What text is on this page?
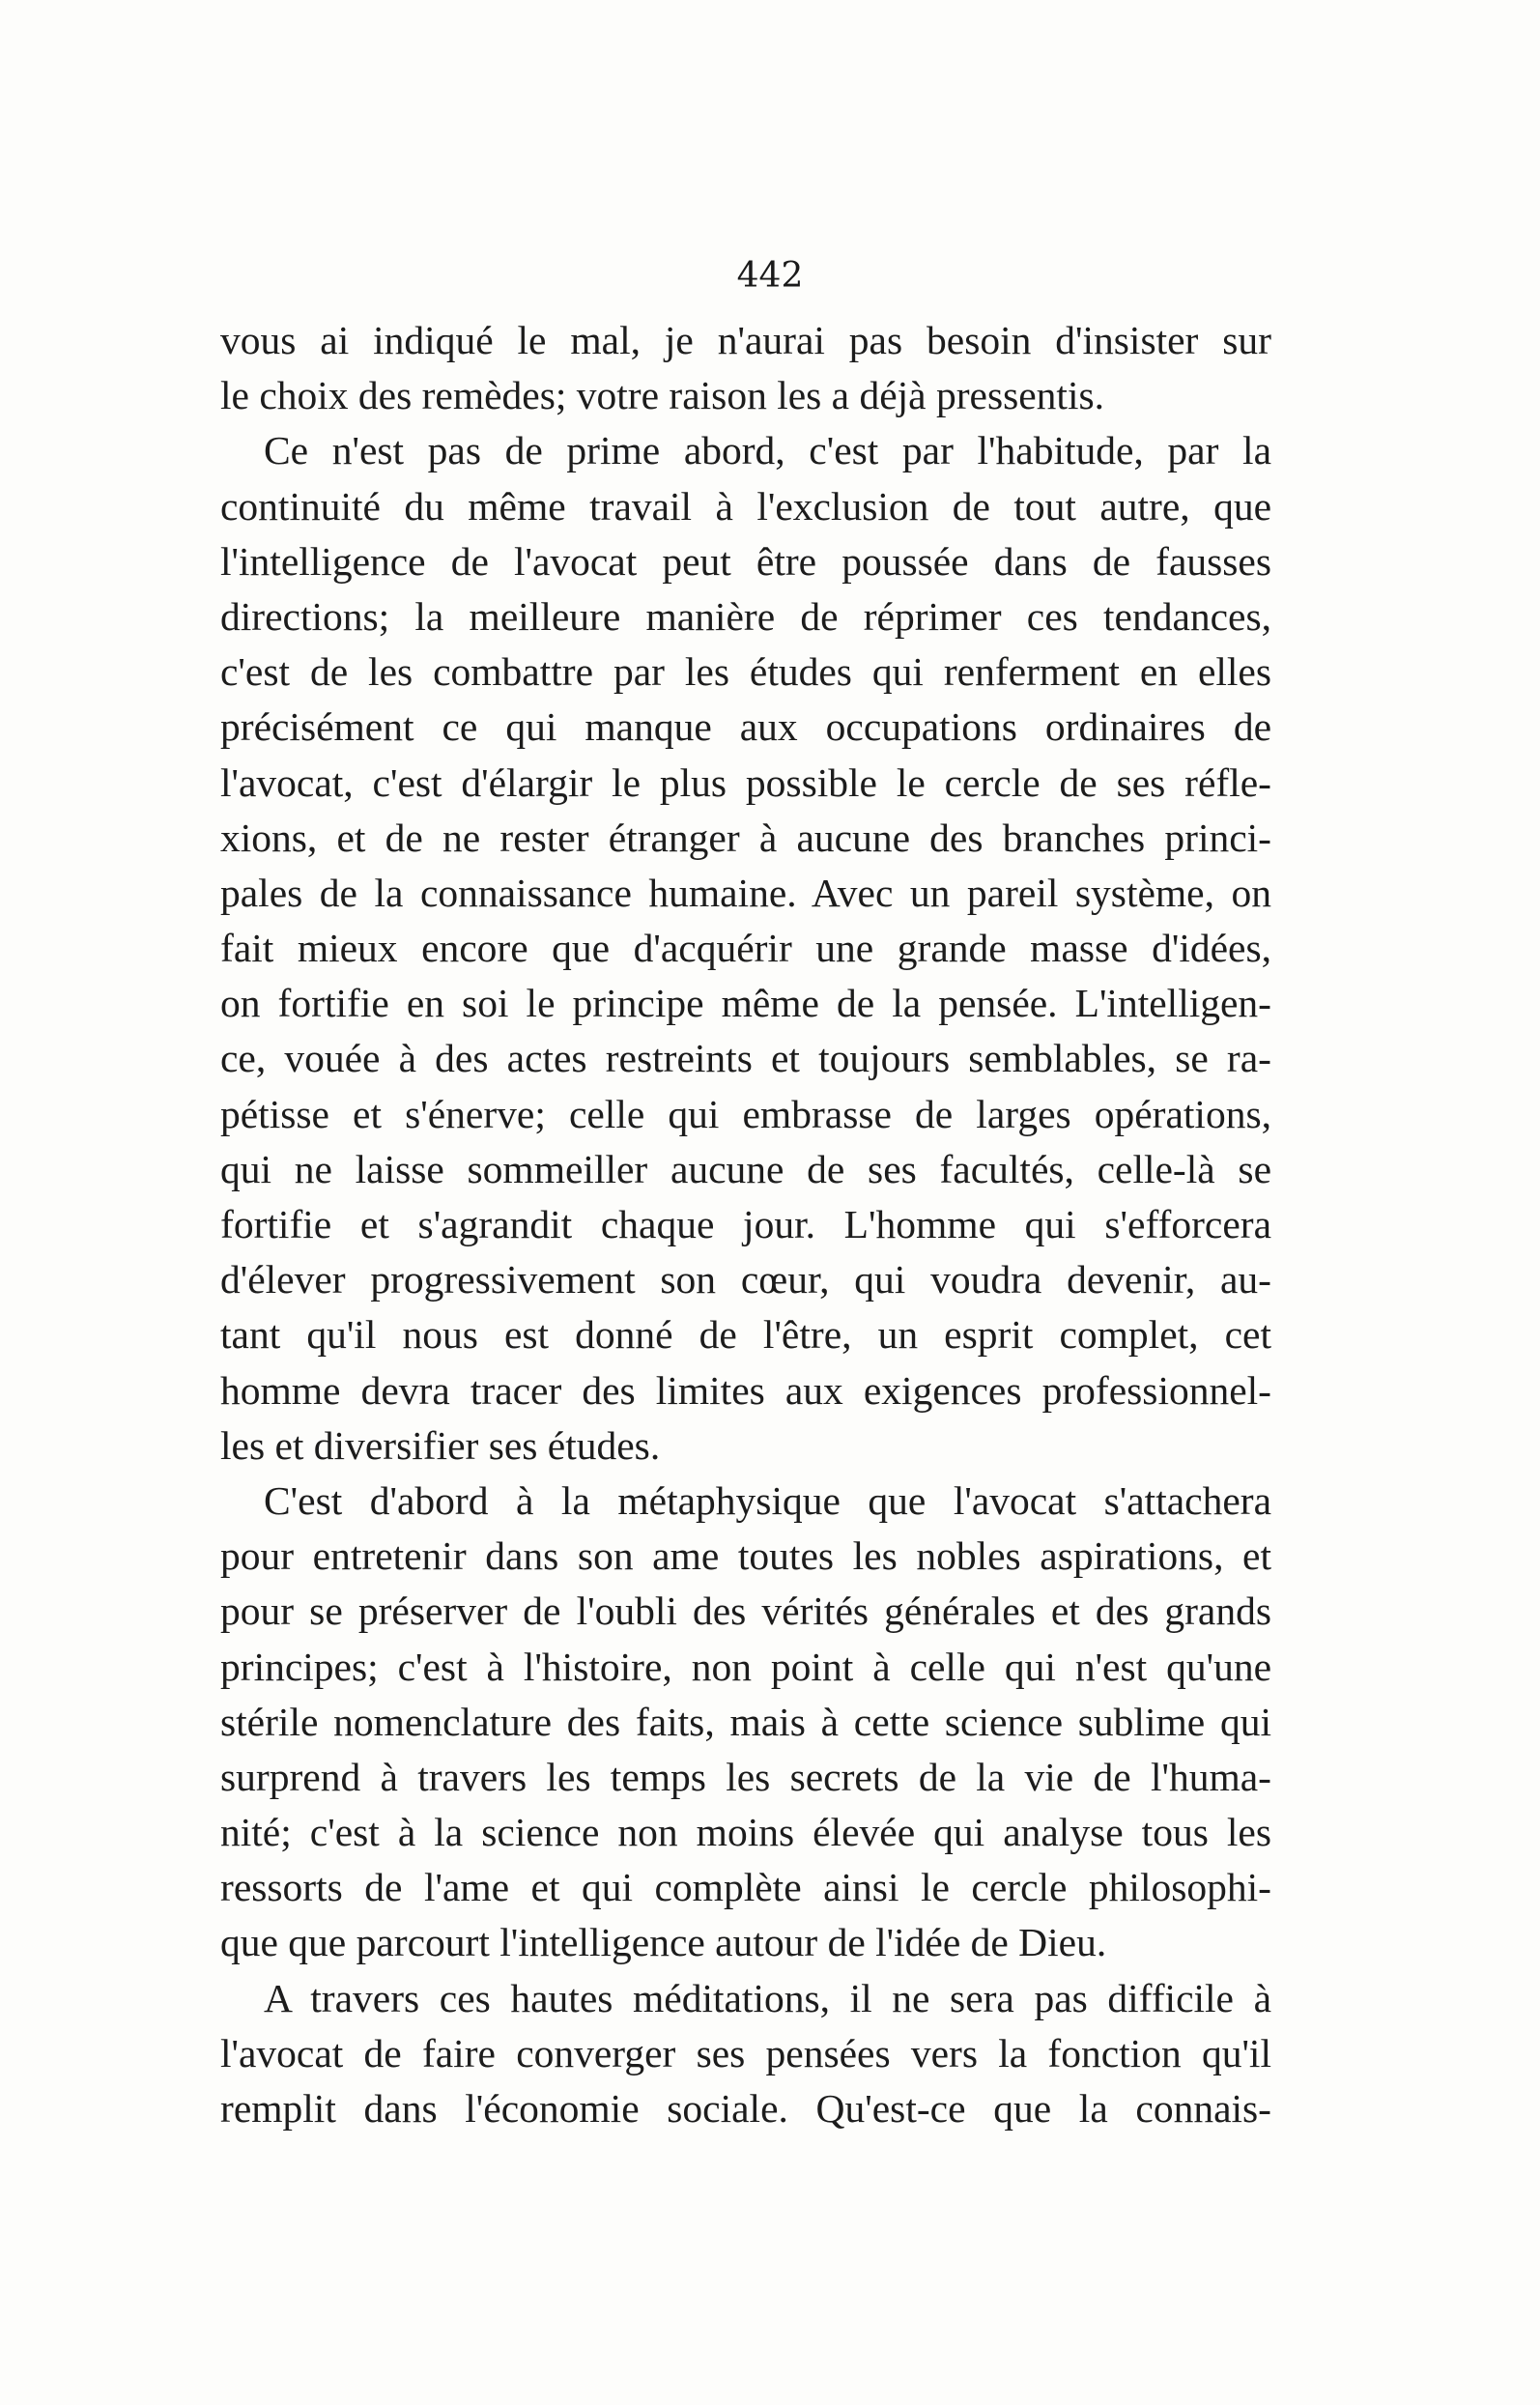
442
vous ai indiqué le mal, je n'aurai pas besoin d'insister sur
le choix des remèdes; votre raison les a déjà pressentis.
Ce n'est pas de prime abord, c'est par l'habitude, par la
continuité du même travail à l'exclusion de tout autre, que
l'intelligence de l'avocat peut être poussée dans de fausses
directions; la meilleure manière de réprimer ces tendances,
c'est de les combattre par les études qui renferment en elles
précisément ce qui manque aux occupations ordinaires de
l'avocat, c'est d'élargir le plus possible le cercle de ses réfle-
xions, et de ne rester étranger à aucune des branches princi-
pales de la connaissance humaine. Avec un pareil système, on
fait mieux encore que d'acquérir une grande masse d'idées,
on fortifie en soi le principe même de la pensée. L'intelligen-
ce, vouée à des actes restreints et toujours semblables, se ra-
pétisse et s'énerve; celle qui embrasse de larges opérations,
qui ne laisse sommeiller aucune de ses facultés, celle-là se
fortifie et s'agrandit chaque jour. L'homme qui s'efforcera
d'élever progressivement son cœur, qui voudra devenir, au-
tant qu'il nous est donné de l'être, un esprit complet, cet
homme devra tracer des limites aux exigences professionnel-
les et diversifier ses études.
C'est d'abord à la métaphysique que l'avocat s'attachera
pour entretenir dans son ame toutes les nobles aspirations, et
pour se préserver de l'oubli des vérités générales et des grands
principes; c'est à l'histoire, non point à celle qui n'est qu'une
stérile nomenclature des faits, mais à cette science sublime qui
surprend à travers les temps les secrets de la vie de l'huma-
nité; c'est à la science non moins élevée qui analyse tous les
ressorts de l'ame et qui complète ainsi le cercle philosophi-
que que parcourt l'intelligence autour de l'idée de Dieu.
A travers ces hautes méditations, il ne sera pas difficile à
l'avocat de faire converger ses pensées vers la fonction qu'il
remplit dans l'économie sociale. Qu'est-ce que la connais-
